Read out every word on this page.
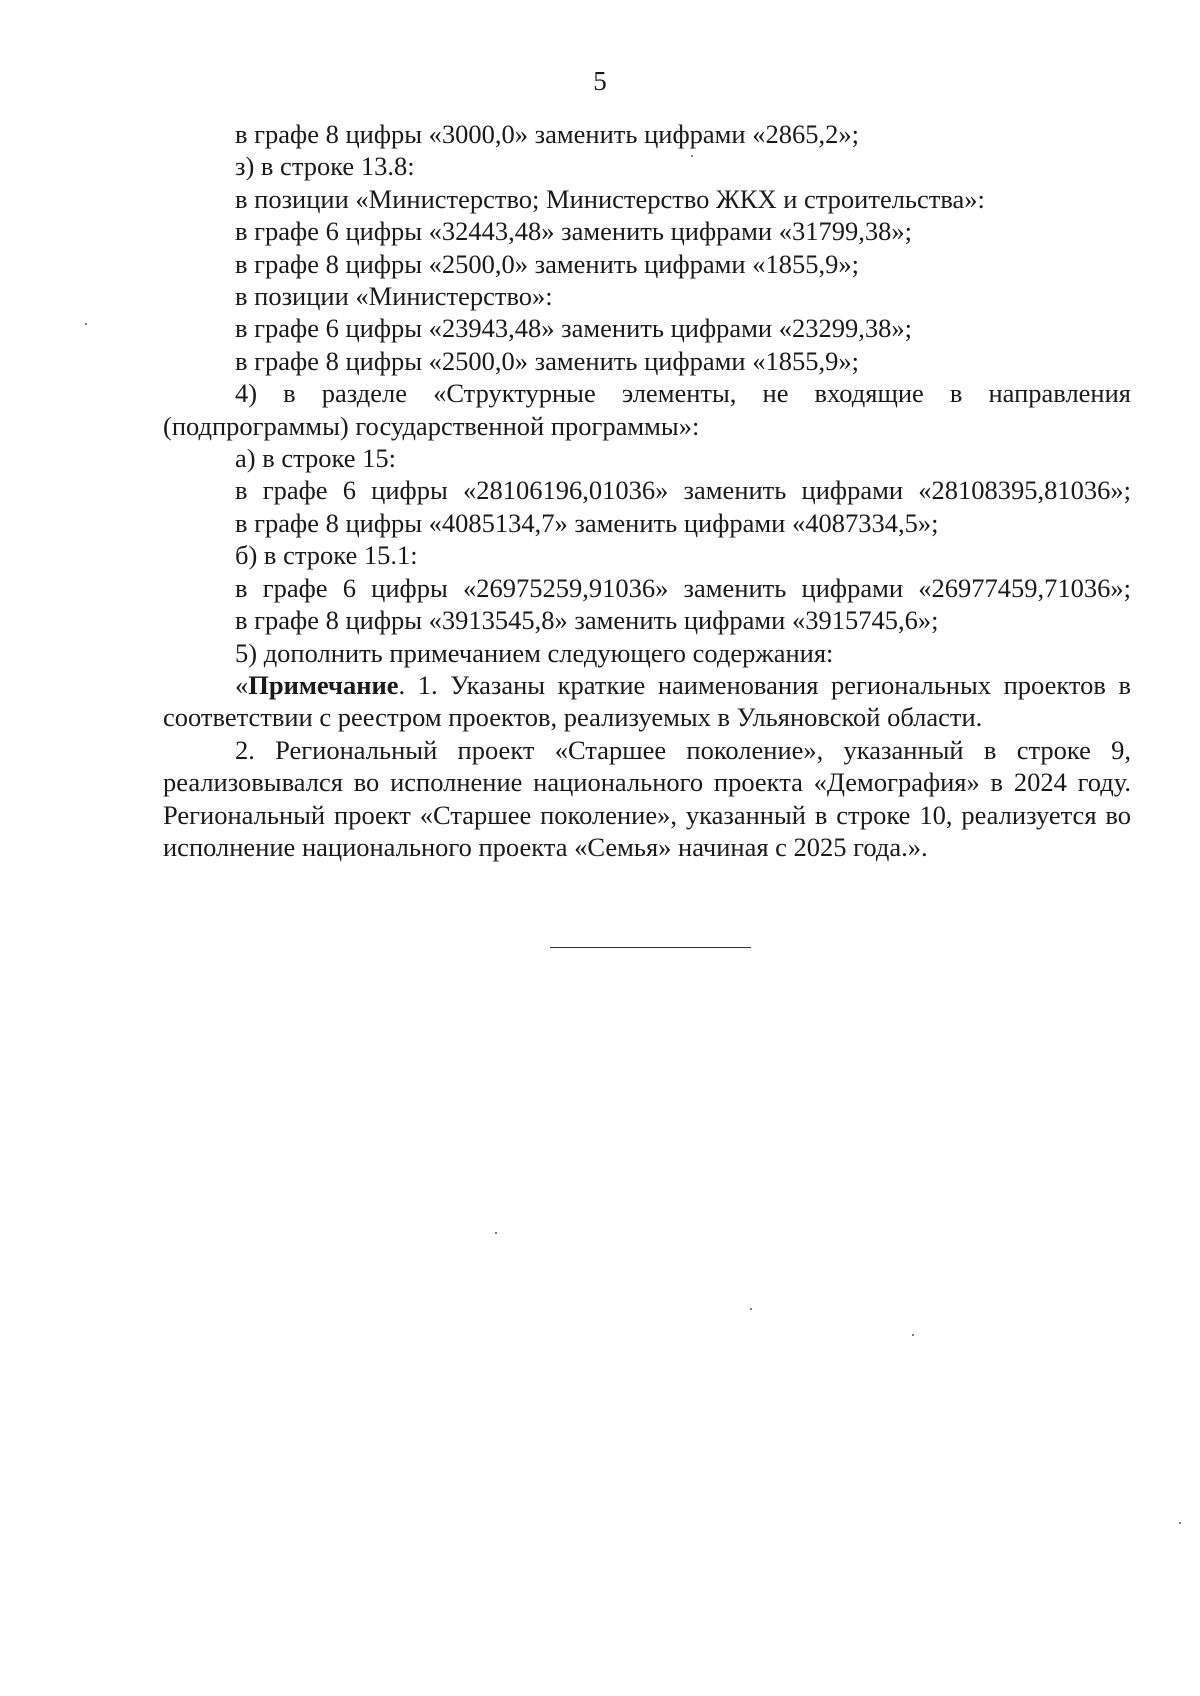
5

в графе 8 цифры «3000,0» заменить цифрами «2865,2»;

з) в строке 13.8:

в позиции «Министерство; Министерство ЖКХ и строительства»:

в графе 6 цифры «32443,48» заменить цифрами «31799,38»;

в графе 8 цифры «2500,0» заменить цифрами «1855,9»;

в позиции «Министерство»:

в графе 6 цифры «23943,48» заменить цифрами «23299,38»;

в графе 8 цифры «2500,0» заменить цифрами «1855,9»;

4) в разделе «Структурные элементы, не входящие в направления (подпрограммы) государственной программы»:

а) в строке 15:

в графе 6 цифры «28106196,01036» заменить цифрами «28108395,81036»;

в графе 8 цифры «4085134,7» заменить цифрами «4087334,5»;

б) в строке 15.1:

в графе 6 цифры «26975259,91036» заменить цифрами «26977459,71036»;

в графе 8 цифры «3913545,8» заменить цифрами «3915745,6»;

5) дополнить примечанием следующего содержания:

«Примечание. 1. Указаны краткие наименования региональных проектов в соответствии с реестром проектов, реализуемых в Ульяновской области.

2. Региональный проект «Старшее поколение», указанный в строке 9, реализовывался во исполнение национального проекта «Демография» в 2024 году. Региональный проект «Старшее поколение», указанный в строке 10, реализуется во исполнение национального проекта «Семья» начиная с 2025 года.».
